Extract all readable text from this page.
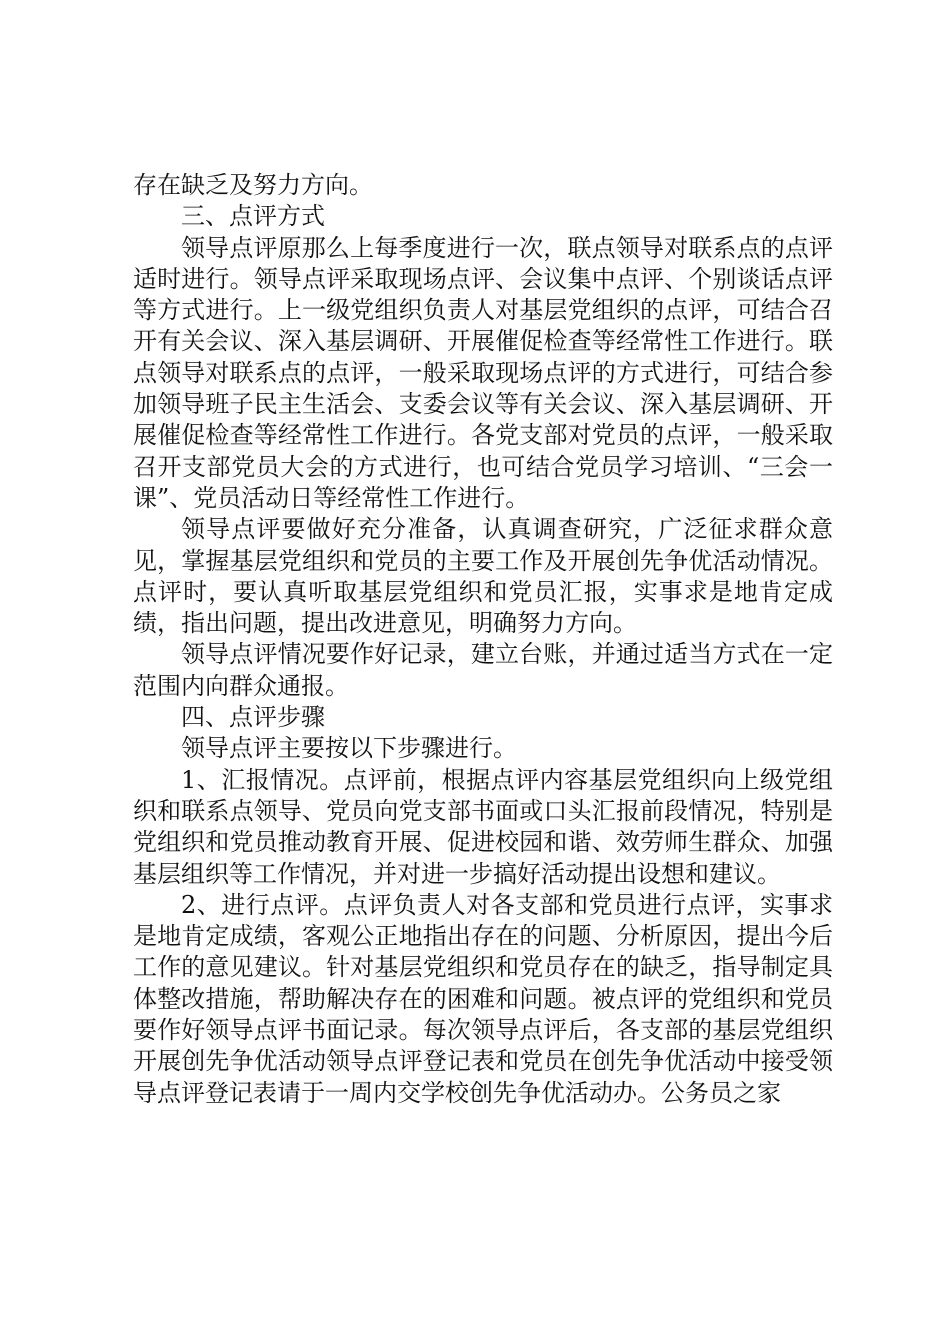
存在缺乏及努力方向。

三、点评方式

领导点评原那么上每季度进行一次，联点领导对联系点的点评适时进行。领导点评采取现场点评、会议集中点评、个别谈话点评等方式进行。上一级党组织负责人对基层党组织的点评，可结合召开有关会议、深入基层调研、开展催促检查等经常性工作进行。联点领导对联系点的点评，一般采取现场点评的方式进行，可结合参加领导班子民主生活会、支委会议等有关会议、深入基层调研、开展催促检查等经常性工作进行。各党支部对党员的点评，一般采取召开支部党员大会的方式进行，也可结合党员学习培训、“三会一课”、党员活动日等经常性工作进行。

领导点评要做好充分准备，认真调查研究，广泛征求群众意见，掌握基层党组织和党员的主要工作及开展创先争优活动情况。点评时，要认真听取基层党组织和党员汇报，实事求是地肯定成绩，指出问题，提出改进意见，明确努力方向。

领导点评情况要作好记录，建立台账，并通过适当方式在一定范围内向群众通报。

四、点评步骤

领导点评主要按以下步骤进行。

1、汇报情况。点评前，根据点评内容基层党组织向上级党组织和联系点领导、党员向党支部书面或口头汇报前段情况，特别是党组织和党员推动教育开展、促进校园和谐、效劳师生群众、加强基层组织等工作情况，并对进一步搞好活动提出设想和建议。

2、进行点评。点评负责人对各支部和党员进行点评，实事求是地肯定成绩，客观公正地指出存在的问题、分析原因，提出今后工作的意见建议。针对基层党组织和党员存在的缺乏，指导制定具体整改措施，帮助解决存在的困难和问题。被点评的党组织和党员要作好领导点评书面记录。每次领导点评后，各支部的基层党组织开展创先争优活动领导点评登记表和党员在创先争优活动中接受领导点评登记表请于一周内交学校创先争优活动办。公务员之家
